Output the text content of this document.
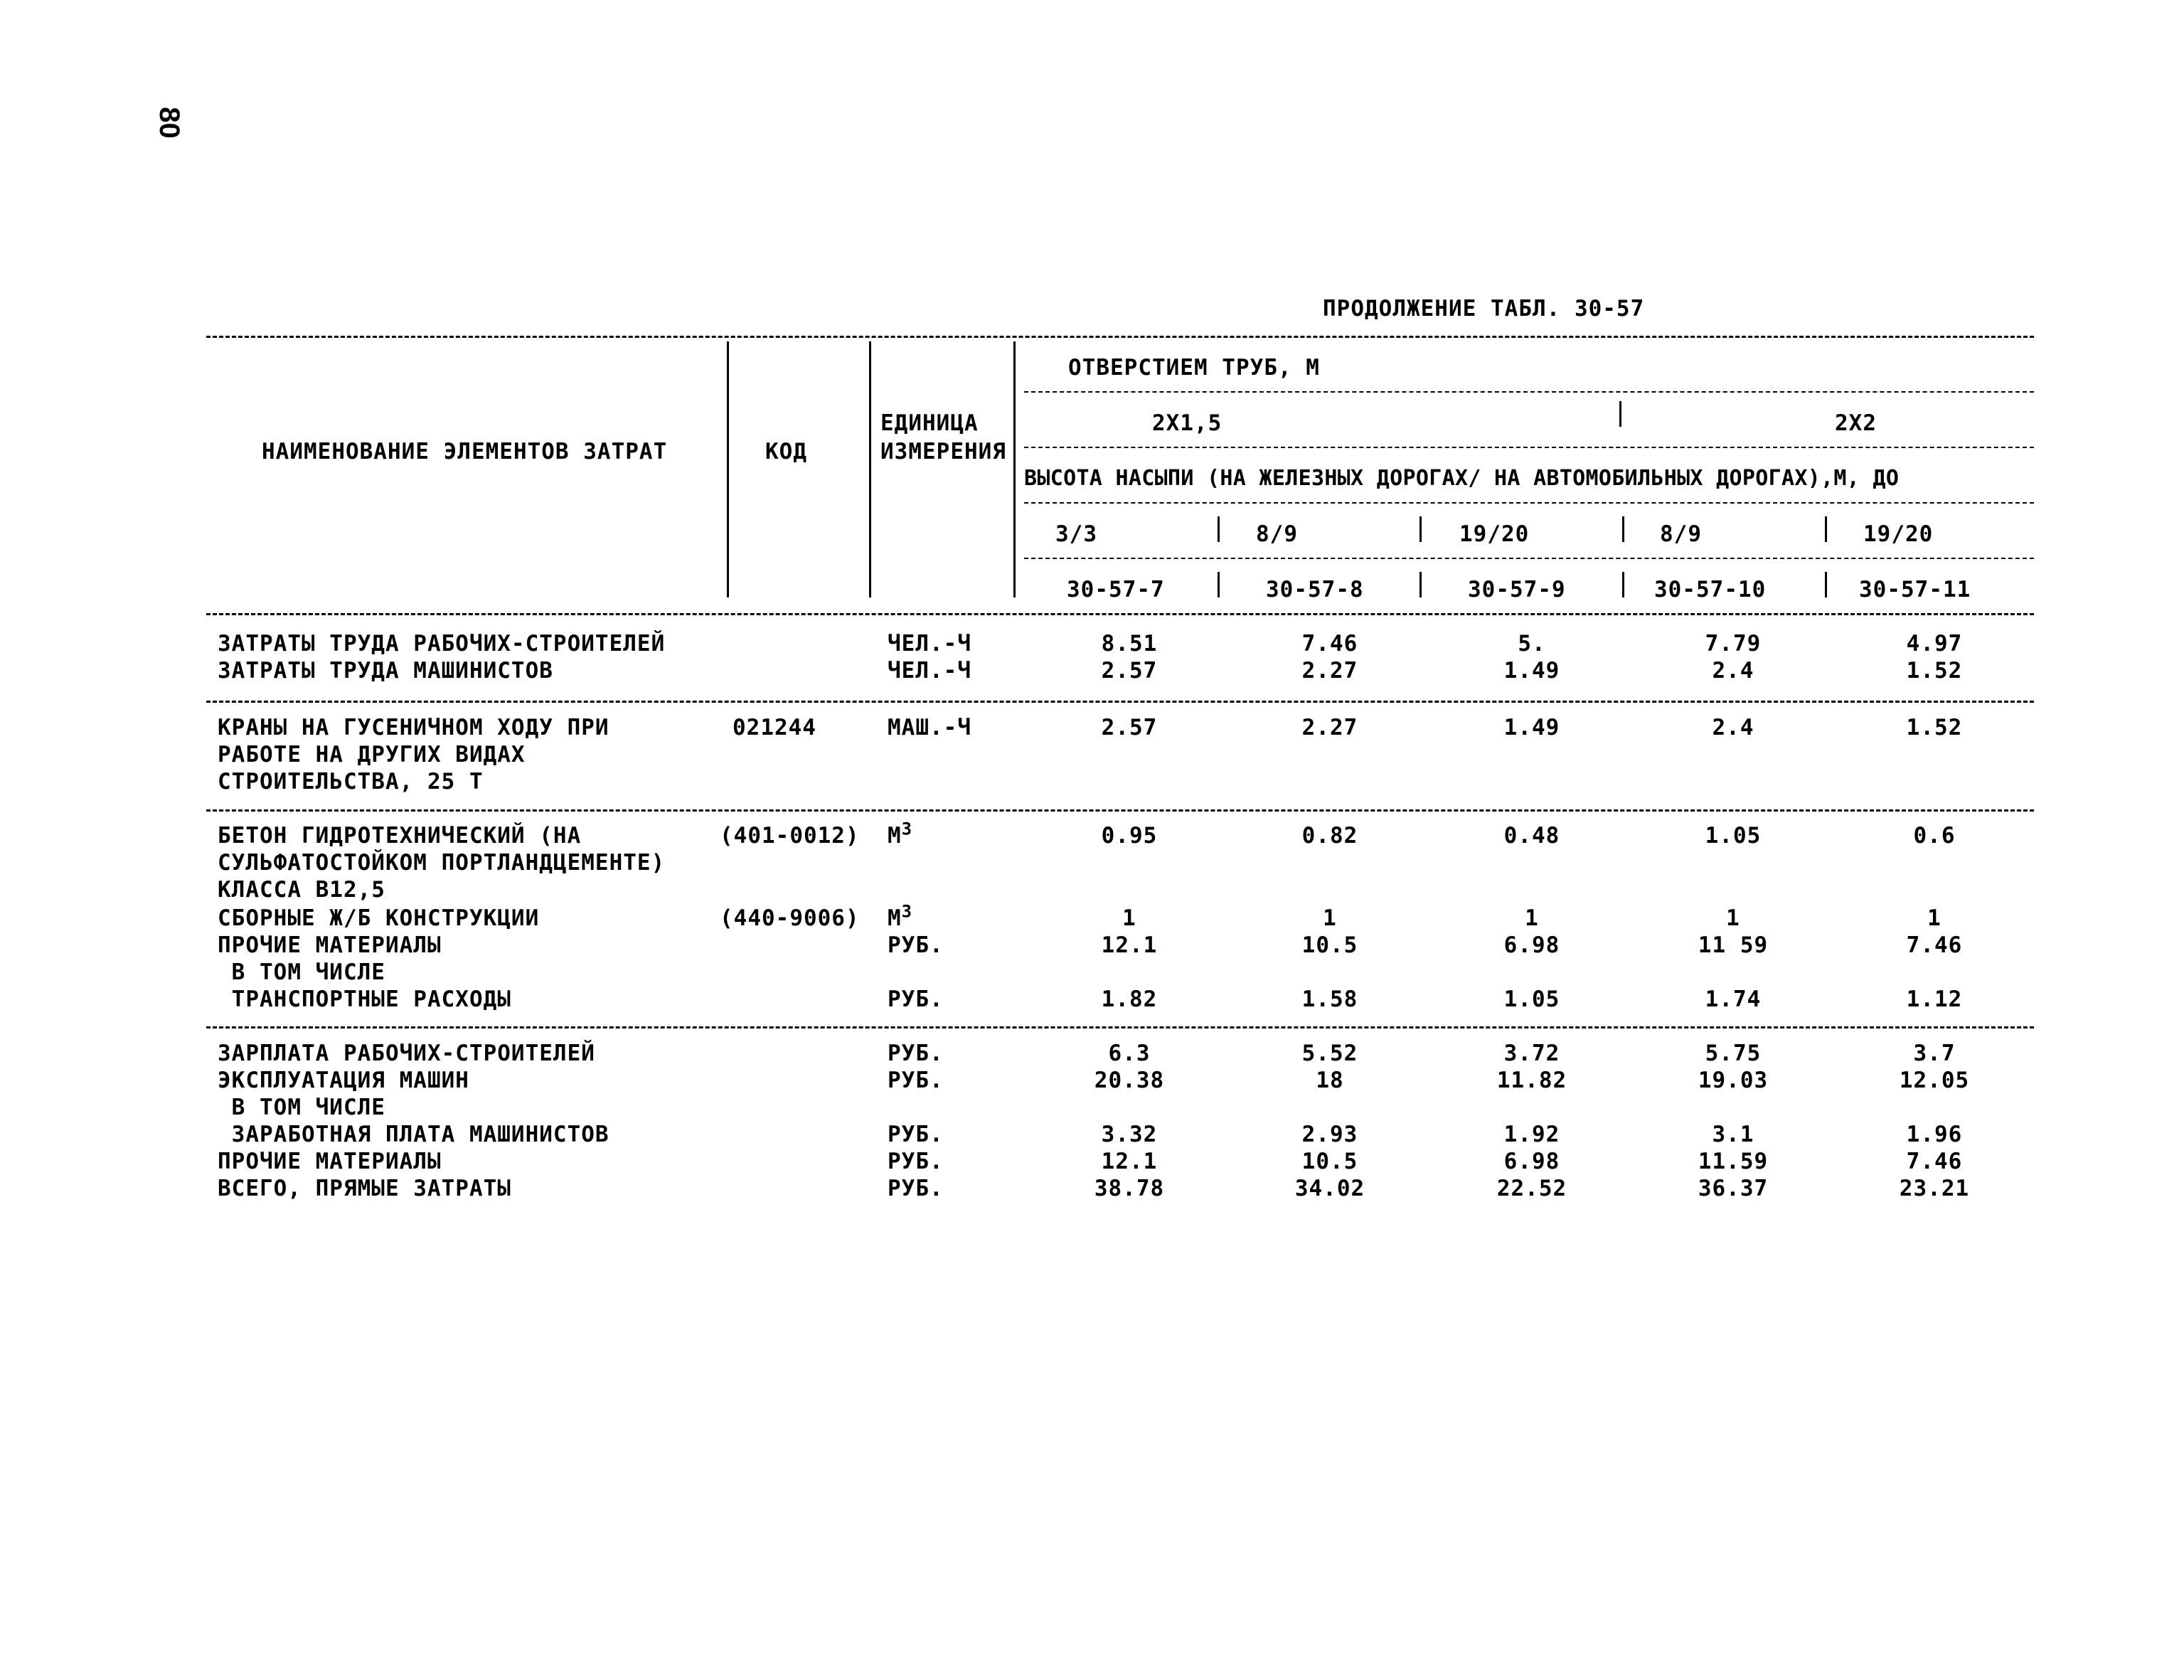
80
ПРОДОЛЖЕНИЕ ТАБЛ. 30-57
НАИМЕНОВАНИЕ ЭЛЕМЕНТОВ ЗАТРАТ	КОД
ЕДИНИЦА
ИЗМЕРЕНИЯ
ОТВЕРСТИЕМ ТРУБ, М
2Х1,5	2Х2
ВЫСОТА НАСЫПИ (НА ЖЕЛЕЗНЫХ ДОРОГАХ/ НА АВТОМОБИЛЬНЫХ ДОРОГАХ),М, ДО
3/3	8/9	19/20	8/9	19/20
30-57-7	30-57-8	30-57-9	30-57-10	30-57-11
ЗАТРАТЫ ТРУДА РАБОЧИХ-СТРОИТЕЛЕЙ	ЧЕЛ.-Ч	8.51	7.46	5.	7.79	4.97
ЗАТРАТЫ ТРУДА МАШИНИСТОВ	ЧЕЛ.-Ч	2.57	2.27	1.49	2.4	1.52
КРАНЫ НА ГУСЕНИЧНОМ ХОДУ ПРИ
РАБОТЕ НА ДРУГИХ ВИДАХ
СТРОИТЕЛЬСТВА, 25 Т
021244	МАШ.-Ч	2.57	2.27	1.49	2.4	1.52
БЕТОН ГИДРОТЕХНИЧЕСКИЙ (НА
СУЛЬФАТОСТОЙКОМ ПОРТЛАНДЦЕМЕНТЕ)
КЛАССА В12,5
(401-0012) $М^3$	0.95	0.82	0.48	1.05	0.6
СБОРНЫЕ Ж/Б КОНСТРУКЦИИ	(440-9006) $М^3$	1	1	1	1	1
ПРОЧИЕ МАТЕРИАЛЫ	РУБ.	12.1	10.5	6.98	11 59	7.46
В ТОМ ЧИСЛЕ
ТРАНСПОРТНЫЕ РАСХОДЫ	РУБ.	1.82	1.58	1.05	1.74	1.12
ЗАРПЛАТА РАБОЧИХ-СТРОИТЕЛЕЙ	РУБ.	6.3	5.52	3.72	5.75	3.7
ЭКСПЛУАТАЦИЯ МАШИН	РУБ.	20.38	18	11.82	19.03	12.05
В ТОМ ЧИСЛЕ
ЗАРАБОТНАЯ ПЛАТА МАШИНИСТОВ	РУБ.	3.32	2.93	1.92	3.1	1.96
ПРОЧИЕ МАТЕРИАЛЫ	РУБ.	12.1	10.5	6.98	11.59	7.46
ВСЕГО, ПРЯМЫЕ ЗАТРАТЫ	РУБ.	38.78	34.02	22.52	36.37	23.21
